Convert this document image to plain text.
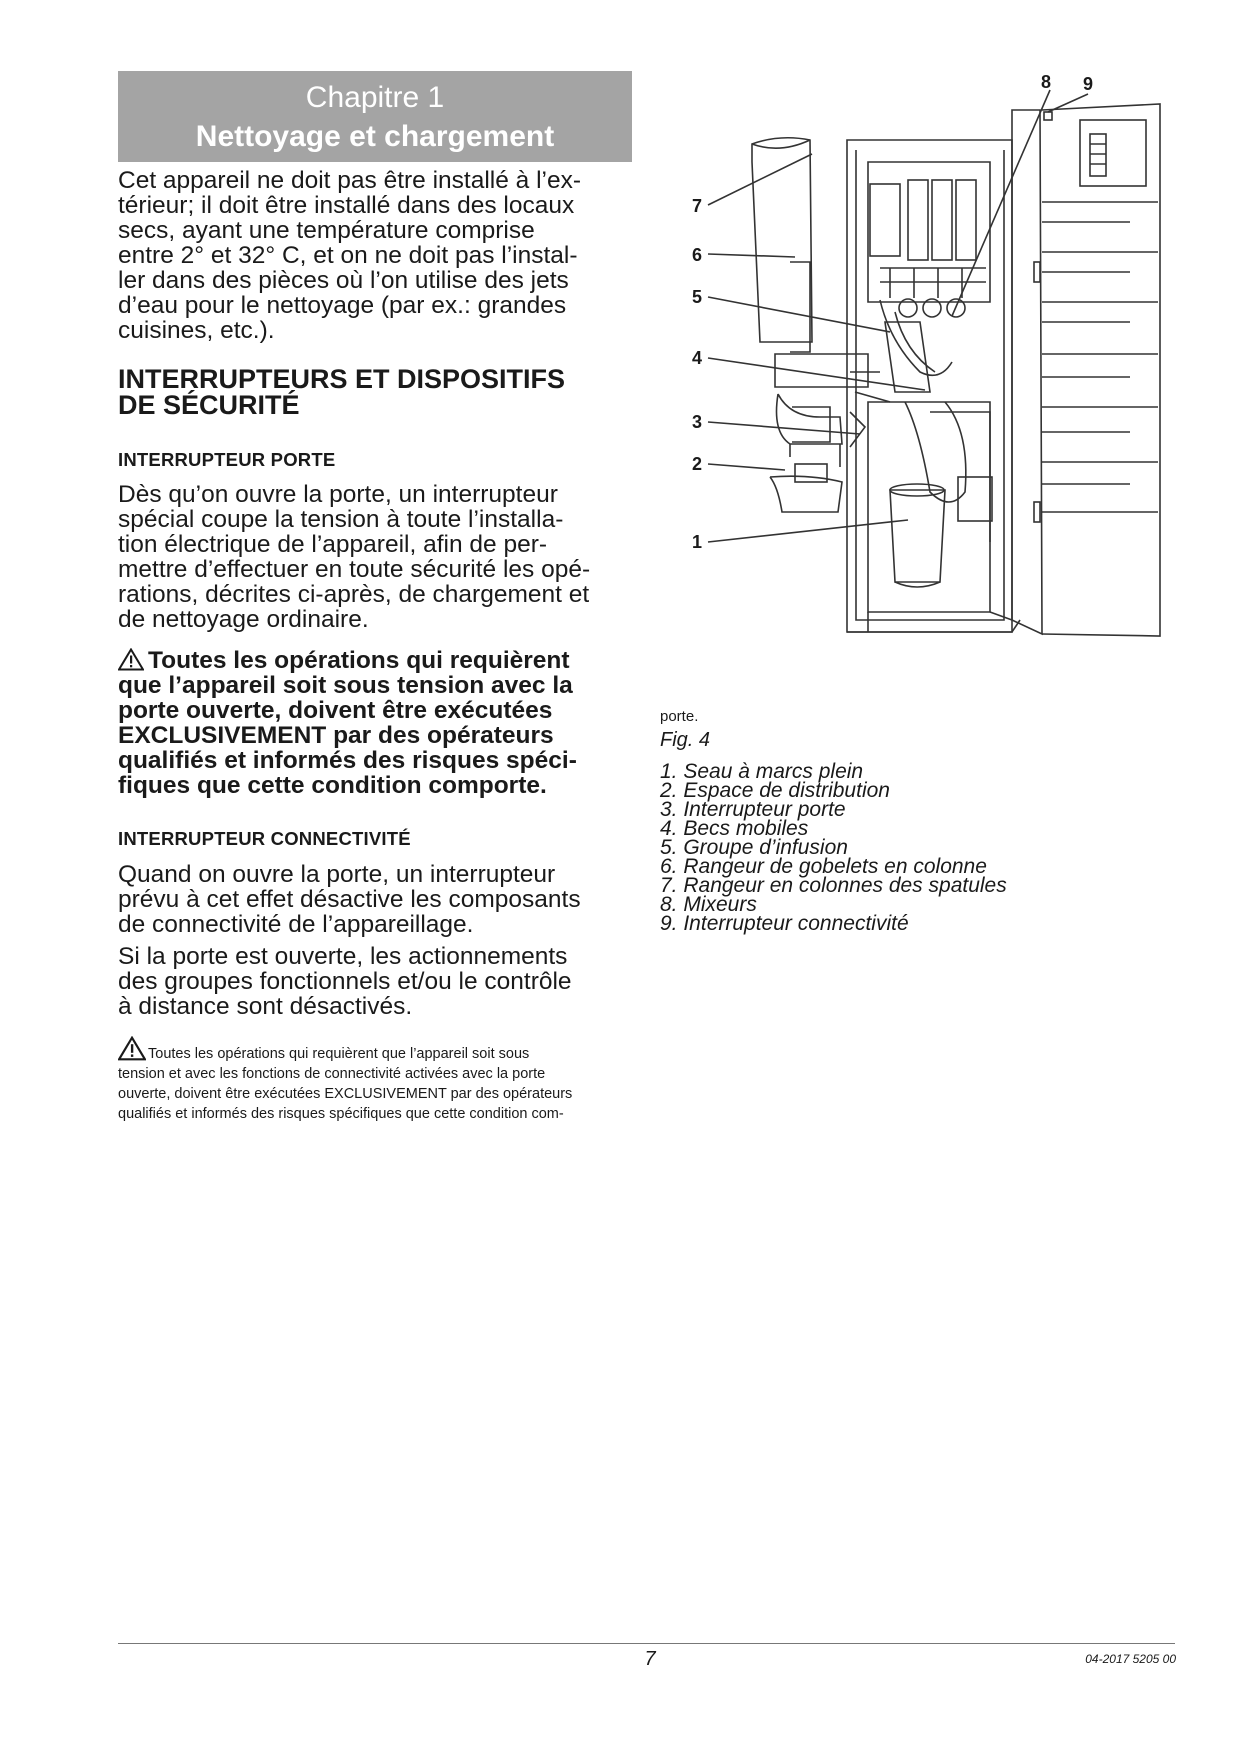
Chapitre 1
Nettoyage et chargement

Cet appareil ne doit pas être installé à l’ex-

térieur; il doit être installé dans des locaux

secs, ayant une température comprise

entre 2° et 32° C, et on ne doit pas l’instal-

ler dans des pièces où l’on utilise des jets

d’eau pour le nettoyage (par ex.: grandes

cuisines, etc.).

INTERRUPTEURS ET DISPOSITIFS

DE SÉCURITÉ

INTERRUPTEUR PORTE

Dès qu’on ouvre la porte, un interrupteur

spécial coupe la tension à toute l’installa-

tion électrique de l’appareil, afin de per-

mettre d’effectuer en toute sécurité les opé-

rations, décrites ci-après, de chargement et

de nettoyage ordinaire.

Toutes les opérations qui requièrent

que l’appareil soit sous tension avec la

porte ouverte, doivent être exécutées

EXCLUSIVEMENT par des opérateurs

qualifiés et informés des risques spéci-

fiques que cette condition comporte.

INTERRUPTEUR CONNECTIVITÉ

Quand on ouvre la porte, un interrupteur

prévu à cet effet désactive les composants

de connectivité de l’appareillage.

Si la porte est ouverte, les actionnements

des groupes fonctionnels et/ou le contrôle

à distance sont désactivés.

Toutes les opérations qui requièrent que l’appareil soit sous

tension et avec les fonctions de connectivité activées avec la porte

ouverte, doivent être exécutées EXCLUSIVEMENT par des opérateurs

qualifiés et informés des risques spécifiques que cette condition com-

7
6
5
4
3
2
1
8 9
porte.
Fig. 4
1. Seau à marcs plein
2. Espace de distribution
3. Interrupteur porte
4. Becs mobiles
5. Groupe d’infusion
6. Rangeur de gobelets en colonne
7. Rangeur en colonnes des spatules
8. Mixeurs
9. Interrupteur connectivité
7	04-2017 5205 00
